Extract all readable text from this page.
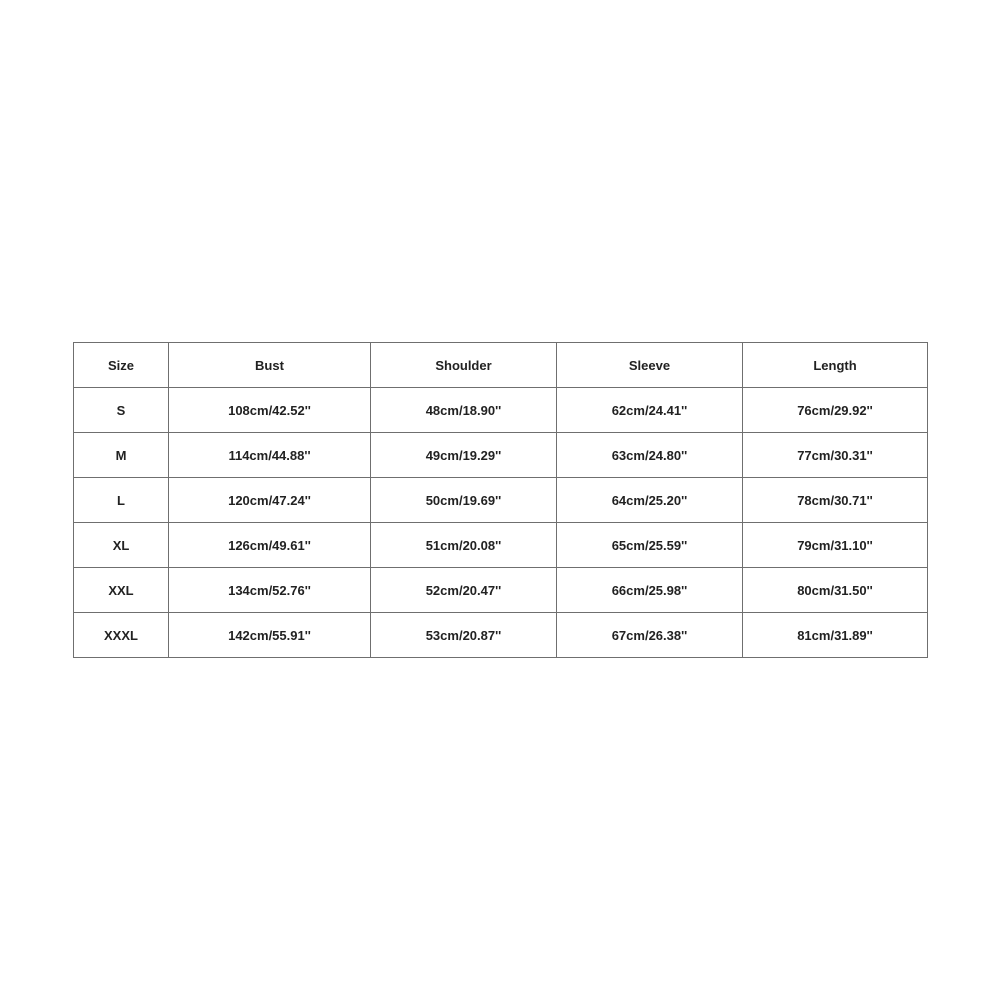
Size	Bust	Shoulder	Sleeve	Length
S	108cm/42.52''	48cm/18.90''	62cm/24.41''	76cm/29.92''
M	114cm/44.88''	49cm/19.29''	63cm/24.80''	77cm/30.31''
L	120cm/47.24''	50cm/19.69''	64cm/25.20''	78cm/30.71''
XL	126cm/49.61''	51cm/20.08''	65cm/25.59''	79cm/31.10''
XXL	134cm/52.76''	52cm/20.47''	66cm/25.98''	80cm/31.50''
XXXL	142cm/55.91''	53cm/20.87''	67cm/26.38''	81cm/31.89''
